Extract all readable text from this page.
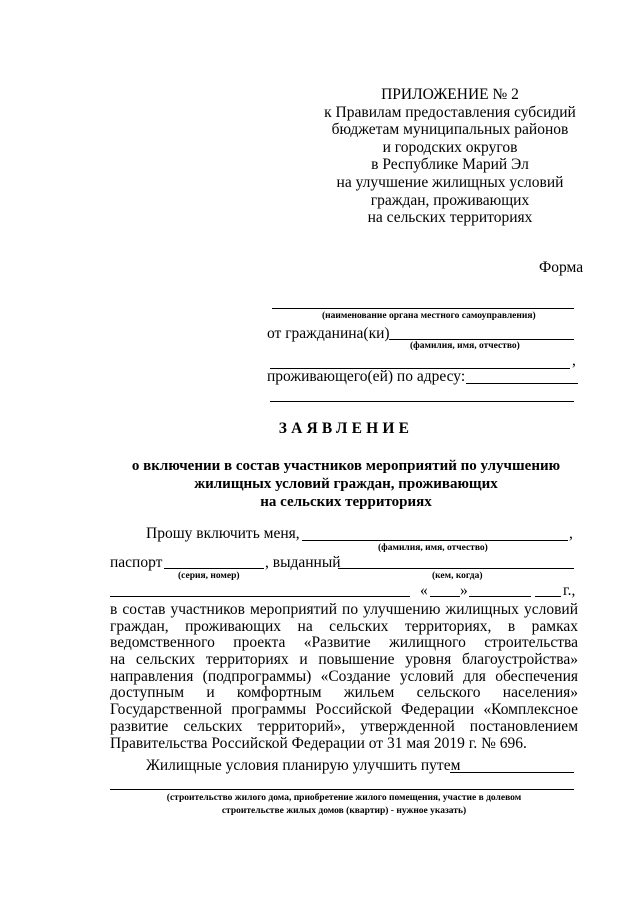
ПРИЛОЖЕНИЕ № 2
к Правилам предоставления субсидий
бюджетам муниципальных районов
и городских округов
в Республике Марий Эл
на улучшение жилищных условий
граждан, проживающих
на сельских территориях
Форма
(наименование органа местного самоуправления)
от гражданина(ки)
(фамилия, имя, отчество)
,
проживающего(ей) по адресу:
ЗАЯВЛЕНИЕ
о включении в состав участников мероприятий по улучшению
жилищных условий граждан, проживающих
на сельских территориях
Прошу включить меня,	,
(фамилия, имя, отчество)
паспорт	, выданный
(серия, номер)	(кем, когда)
« »	г.,
в состав участников мероприятий по улучшению жилищных условий
граждан, проживающих на сельских территориях, в рамках
ведомственного проекта «Развитие жилищного строительства
на сельских территориях и повышение уровня благоустройства»
направления (подпрограммы) «Создание условий для обеспечения
доступным и комфортным жильем сельского населения»
Государственной программы Российской Федерации «Комплексное
развитие сельских территорий», утвержденной постановлением
Правительства Российской Федерации от 31 мая 2019 г. № 696.
Жилищные условия планирую улучшить путем
(строительство жилого дома, приобретение жилого помещения, участие в долевом
строительстве жилых домов (квартир) - нужное указать)
